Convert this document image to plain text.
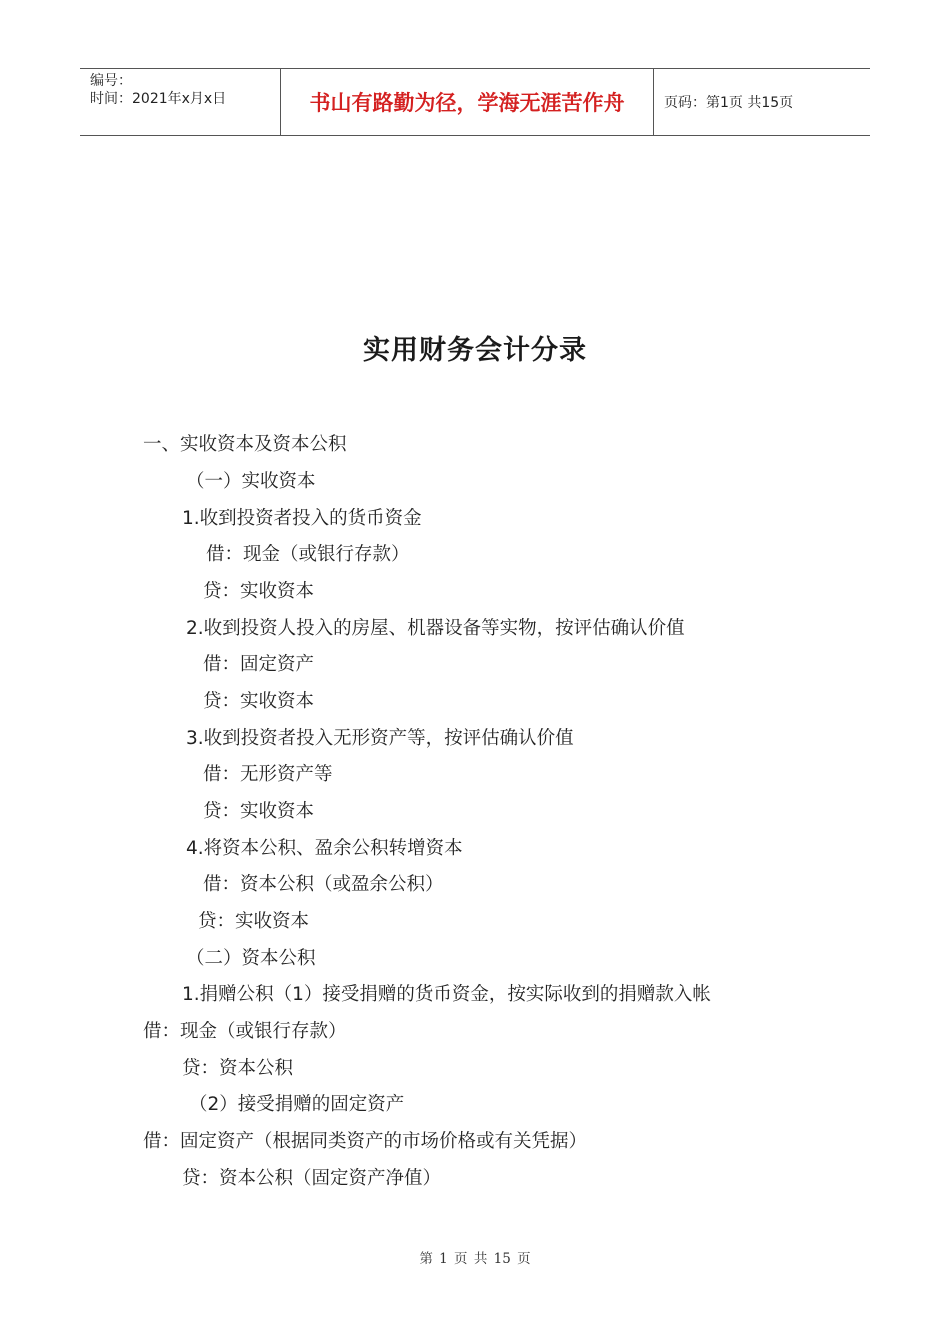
编号：
时间：2021年x月x日	书山有路勤为径，学海无涯苦作舟	页码：第1页 共15页
实用财务会计分录
一、实收资本及资本公积
（一）实收资本
1.收到投资者投入的货币资金
借：现金（或银行存款）
贷：实收资本
2.收到投资人投入的房屋、机器设备等实物，按评估确认价值
借：固定资产
贷：实收资本
3.收到投资者投入无形资产等，按评估确认价值
借：无形资产等
贷：实收资本
4.将资本公积、盈余公积转增资本
借：资本公积（或盈余公积）
贷：实收资本
（二）资本公积
1.捐赠公积（1）接受捐赠的货币资金，按实际收到的捐赠款入帐
借：现金（或银行存款）
贷：资本公积
（2）接受捐赠的固定资产
借：固定资产（根据同类资产的市场价格或有关凭据）
贷：资本公积（固定资产净值）
第 1 页 共 15 页
